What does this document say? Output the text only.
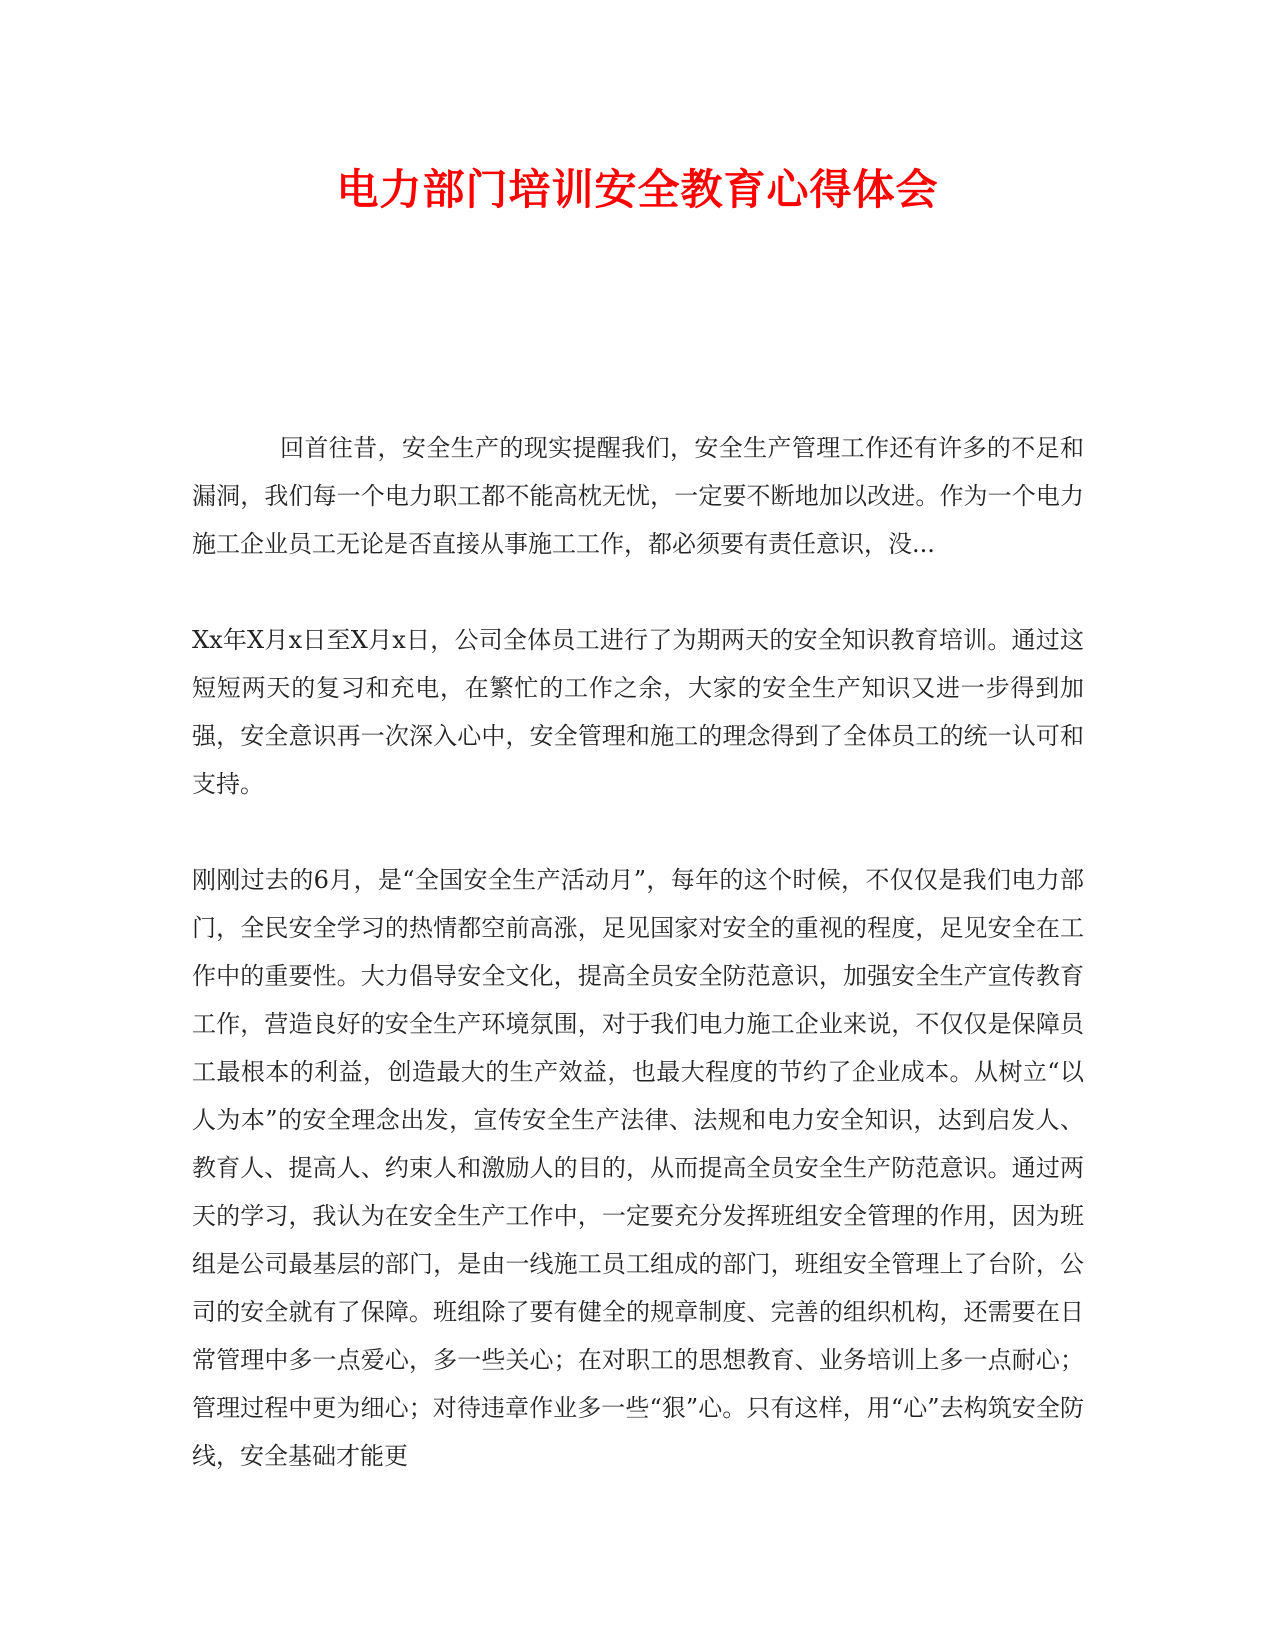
电力部门培训安全教育心得体会

回首往昔，安全生产的现实提醒我们，安全生产管理工作还有许多的不足和漏洞，我们每一个电力职工都不能高枕无忧，一定要不断地加以改进。作为一个电力施工企业员工无论是否直接从事施工工作，都必须要有责任意识，没...

Xx年X月x日至X月x日，公司全体员工进行了为期两天的安全知识教育培训。通过这短短两天的复习和充电，在繁忙的工作之余，大家的安全生产知识又进一步得到加强，安全意识再一次深入心中，安全管理和施工的理念得到了全体员工的统一认可和支持。

刚刚过去的6月，是“全国安全生产活动月”，每年的这个时候，不仅仅是我们电力部门，全民安全学习的热情都空前高涨，足见国家对安全的重视的程度，足见安全在工作中的重要性。大力倡导安全文化，提高全员安全防范意识，加强安全生产宣传教育工作，营造良好的安全生产环境氛围，对于我们电力施工企业来说，不仅仅是保障员工最根本的利益，创造最大的生产效益，也最大程度的节约了企业成本。从树立“以人为本”的安全理念出发，宣传安全生产法律、法规和电力安全知识，达到启发人、教育人、提高人、约束人和激励人的目的，从而提高全员安全生产防范意识。通过两天的学习，我认为在安全生产工作中，一定要充分发挥班组安全管理的作用，因为班组是公司最基层的部门，是由一线施工员工组成的部门，班组安全管理上了台阶，公司的安全就有了保障。班组除了要有健全的规章制度、完善的组织机构，还需要在日常管理中多一点爱心，多一些关心；在对职工的思想教育、业务培训上多一点耐心；管理过程中更为细心；对待违章作业多一些“狠”心。只有这样，用“心”去构筑安全防线，安全基础才能更
